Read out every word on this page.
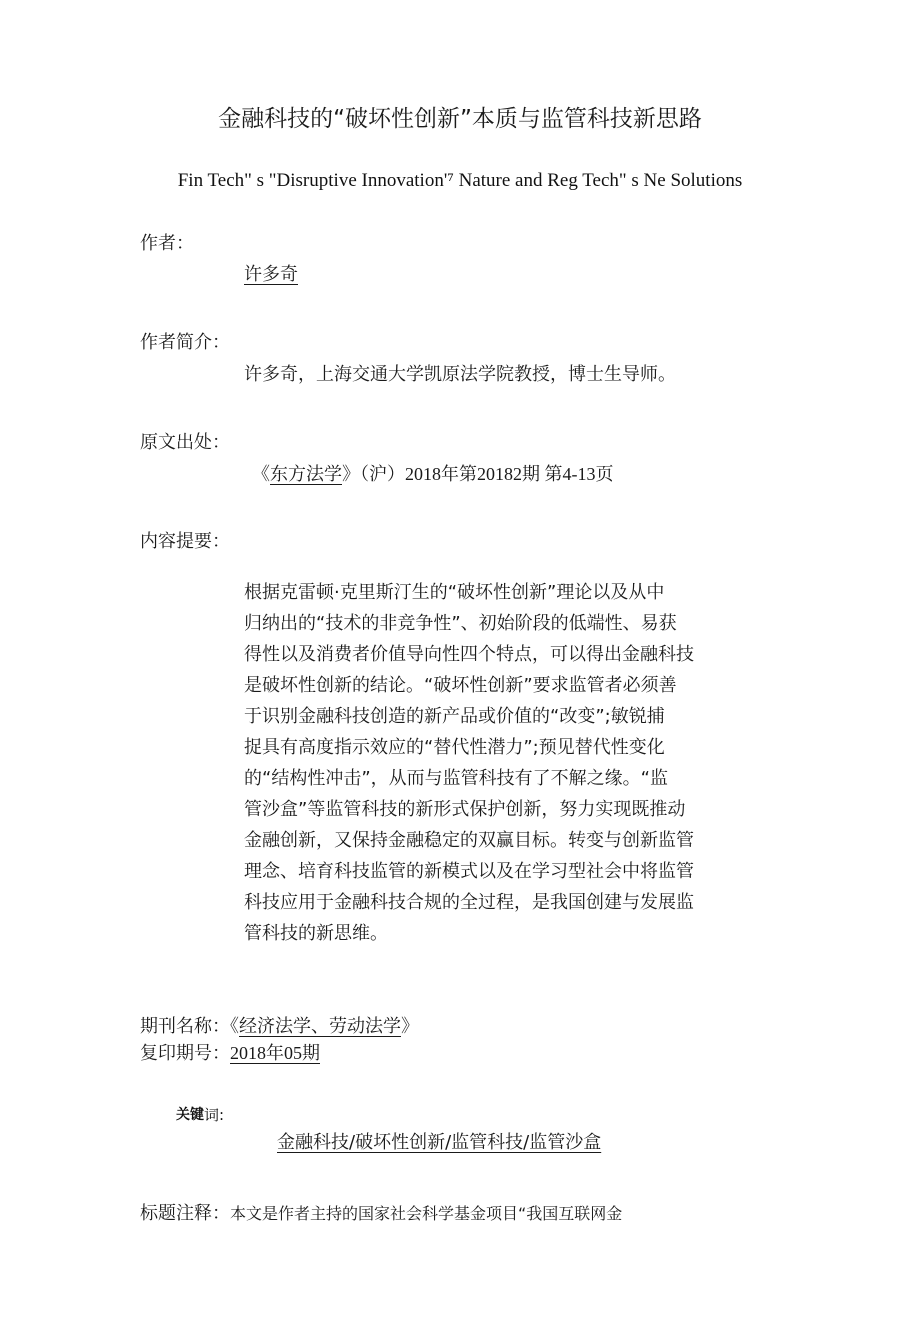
金融科技的“破坏性创新”本质与监管科技新思路
Fin Tech" s "Disruptive Innovation'⁷ Nature and Reg Tech" s Ne Solutions
作者：
许多奇
作者简介：
许多奇，上海交通大学凯原法学院教授，博士生导师。
原文出处：
《东方法学》（沪）2018年第20182期 第4-13页
内容提要：
根据克雷顿·克里斯汀生的“破坏性创新”理论以及从中
归纳出的“技术的非竞争性”、初始阶段的低端性、易获
得性以及消费者价值导向性四个特点，可以得出金融科技
是破坏性创新的结论。“破坏性创新”要求监管者必须善
于识别金融科技创造的新产品或价值的“改变”;敏锐捕
捉具有高度指示效应的“替代性潜力”;预见替代性变化
的“结构性冲击”，从而与监管科技有了不解之缘。“监
管沙盒”等监管科技的新形式保护创新，努力实现既推动
金融创新，又保持金融稳定的双赢目标。转变与创新监管
理念、培育科技监管的新模式以及在学习型社会中将监管
科技应用于金融科技合规的全过程，是我国创建与发展监
管科技的新思维。
期刊名称：《经济法学、劳动法学》
复印期号：2018年05期
关键 词:
金融科技/破坏性创新/监管科技/监管沙盒
标题注释：本文是作者主持的国家社会科学基金项目“我国互联网金
